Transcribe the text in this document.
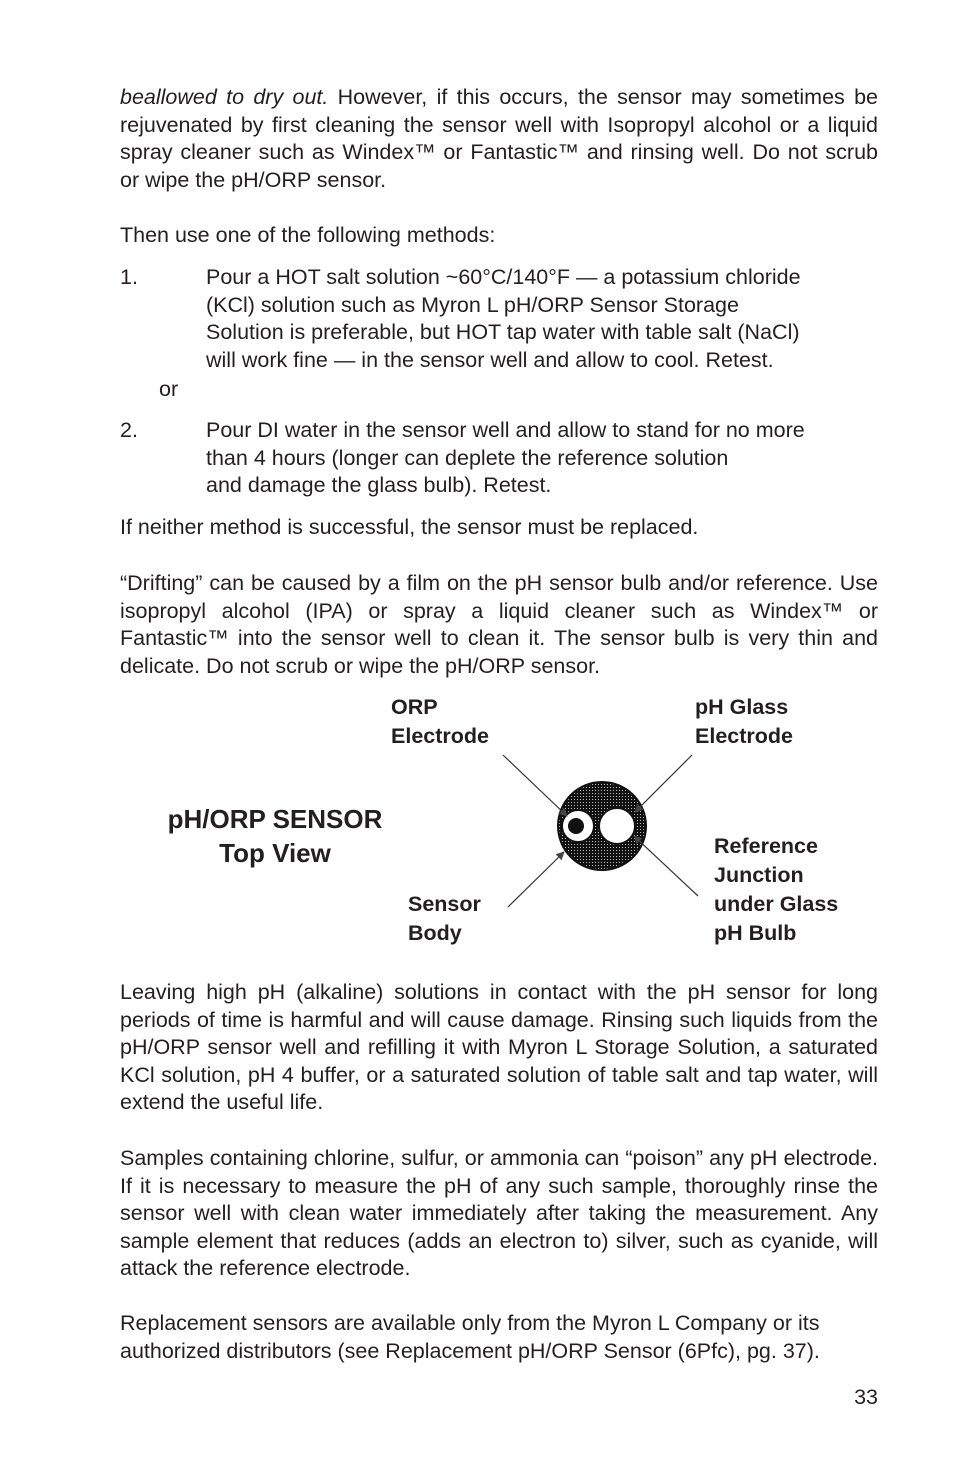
beallowed to dry out. However, if this occurs, the sensor may sometimes be rejuvenated by first cleaning the sensor well with Isopropyl alcohol or a liquid spray cleaner such as Windex™ or Fantastic™ and rinsing well. Do not scrub or wipe the pH/ORP sensor.

Then use one of the following methods:

1.	Pour a HOT salt solution ~60°C/140°F — a potassium chloride
(KCl) solution such as Myron L pH/ORP Sensor Storage
Solution is preferable, but HOT tap water with table salt (NaCl)
will work fine — in the sensor well and allow to cool. Retest.
or
2.	Pour DI water in the sensor well and allow to stand for no more
than 4 hours (longer can deplete the reference solution
and damage the glass bulb). Retest.

If neither method is successful, the sensor must be replaced.

“Drifting” can be caused by a film on the pH sensor bulb and/or reference. Use isopropyl alcohol (IPA) or spray a liquid cleaner such as Windex™ or Fantastic™ into the sensor well to clean it. The sensor bulb is very thin and delicate. Do not scrub or wipe the pH/ORP sensor.

pH/ORP SENSOR
Top View
ORP
Electrode
pH Glass
Electrode
Reference
Junction
under Glass
pH Bulb
Sensor
Body

Leaving high pH (alkaline) solutions in contact with the pH sensor for long periods of time is harmful and will cause damage. Rinsing such liquids from the pH/ORP sensor well and refilling it with Myron L Storage Solution, a saturated KCl solution, pH 4 buffer, or a saturated solution of table salt and tap water, will extend the useful life.

Samples containing chlorine, sulfur, or ammonia can “poison” any pH electrode. If it is necessary to measure the pH of any such sample, thoroughly rinse the sensor well with clean water immediately after taking the measurement. Any sample element that reduces (adds an electron to) silver, such as cyanide, will attack the reference electrode.

Replacement sensors are available only from the Myron L Company or its
authorized distributors (see Replacement pH/ORP Sensor (6Pfc), pg. 37).
33
